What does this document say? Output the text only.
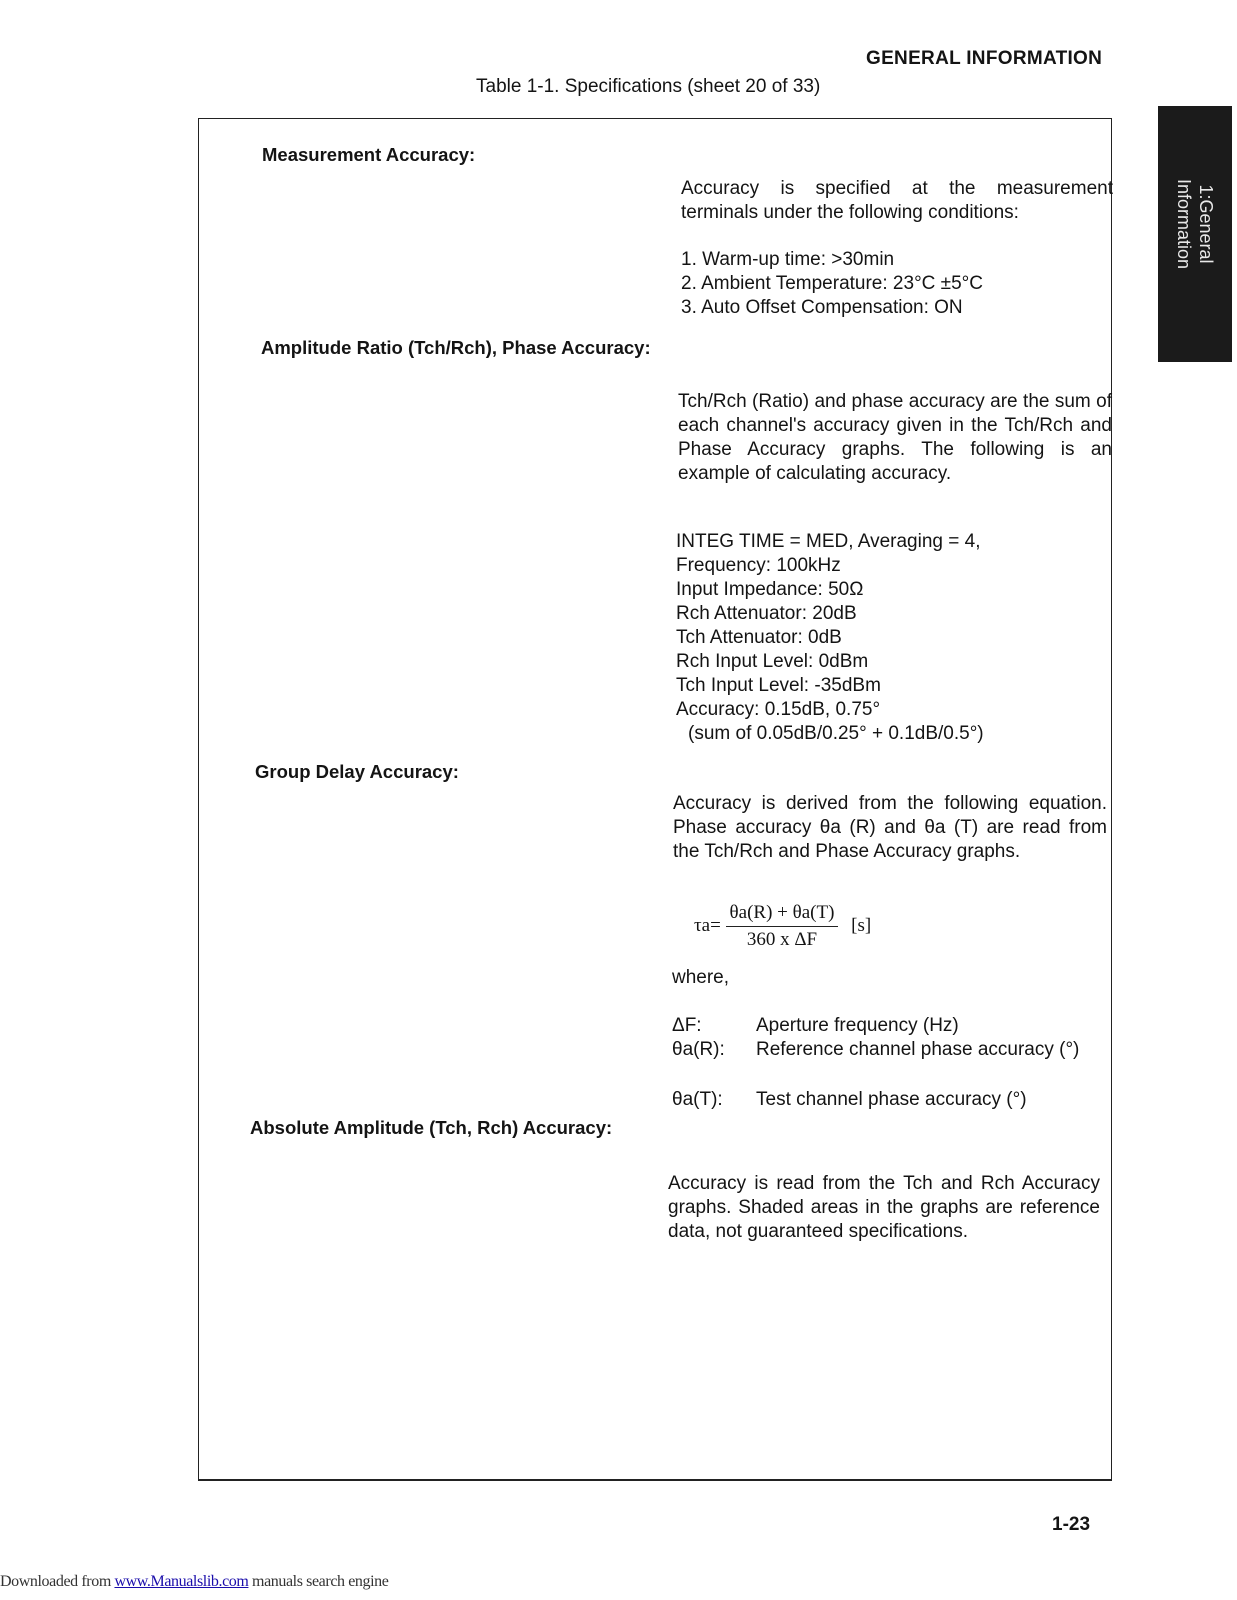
GENERAL INFORMATION
Table 1-1. Specifications (sheet 20 of 33)
1:General
Information
Measurement Accuracy:
Accuracy is specified at the measurement terminals under the following conditions:
1. Warm-up time: >30min
2. Ambient Temperature: 23°C ±5°C
3. Auto Offset Compensation: ON
Amplitude Ratio (Tch/Rch), Phase Accuracy:
Tch/Rch (Ratio) and phase accuracy are the sum of each channel's accuracy given in the Tch/Rch and Phase Accuracy graphs. The following is an example of calculating accuracy.
INTEG TIME = MED, Averaging = 4,
Frequency: 100kHz
Input Impedance: 50Ω
Rch Attenuator: 20dB
Tch Attenuator: 0dB
Rch Input Level: 0dBm
Tch Input Level: -35dBm
Accuracy: 0.15dB, 0.75°
(sum of 0.05dB/0.25° + 0.1dB/0.5°)
Group Delay Accuracy:
Accuracy is derived from the following equation. Phase accuracy θa (R) and θa (T) are read from the Tch/Rch and Phase Accuracy graphs.
$\tau a= \frac{\theta a(R) + \theta a(T)}{\text{360 x ΔF}} [s]$
where,
ΔF:	Aperture frequency (Hz)
θa(R): Reference channel phase accuracy (°)
θa(T): Test channel phase accuracy (°)
Absolute Amplitude (Tch, Rch) Accuracy:
Accuracy is read from the Tch and Rch Accuracy graphs. Shaded areas in the graphs are reference data, not guaranteed specifications.
1-23
Downloaded from www.Manualslib.com manuals search engine
